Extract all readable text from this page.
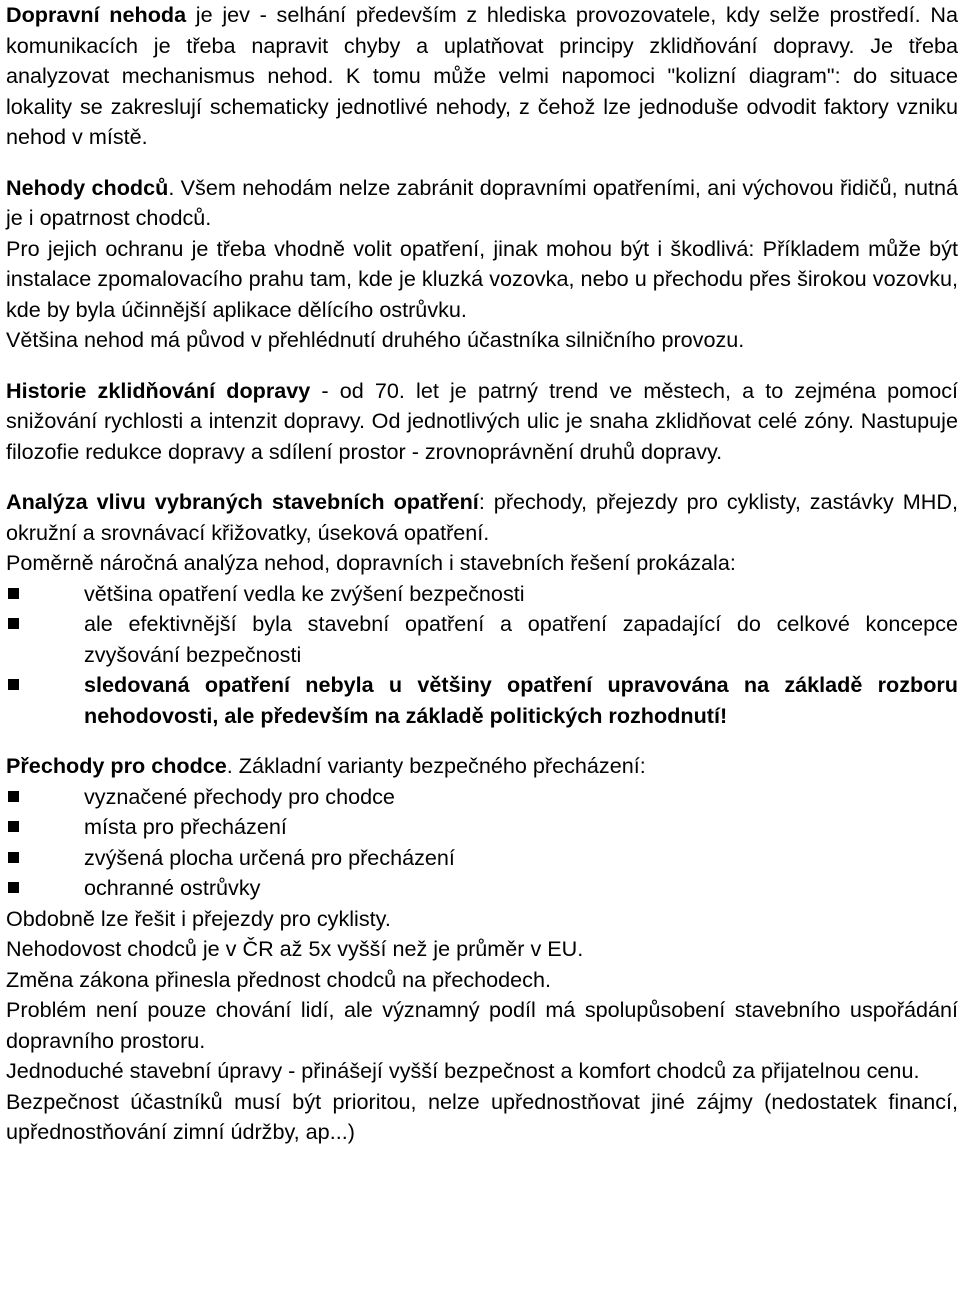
Dopravní nehoda je jev - selhání především z hlediska provozovatele, kdy selže prostředí. Na komunikacích je třeba napravit chyby a uplatňovat principy zklidňování dopravy. Je třeba analyzovat mechanismus nehod. K tomu může velmi napomoci "kolizní diagram": do situace lokality se zakreslují schematicky jednotlivé nehody, z čehož lze jednoduše odvodit faktory vzniku nehod v místě.

Nehody chodců. Všem nehodám nelze zabránit dopravními opatřeními, ani výchovou řidičů, nutná je i opatrnost chodců.

Pro jejich ochranu je třeba vhodně volit opatření, jinak mohou být i škodlivá: Příkladem může být instalace zpomalovacího prahu tam, kde je kluzká vozovka, nebo u přechodu přes širokou vozovku, kde by byla účinnější aplikace dělícího ostrůvku.

Většina nehod má původ v přehlédnutí druhého účastníka silničního provozu.

Historie zklidňování dopravy - od 70. let je patrný trend ve městech, a to zejména pomocí snižování rychlosti a intenzit dopravy. Od jednotlivých ulic je snaha zklidňovat celé zóny. Nastupuje filozofie redukce dopravy a sdílení prostor - zrovnoprávnění druhů dopravy.

Analýza vlivu vybraných stavebních opatření: přechody, přejezdy pro cyklisty, zastávky MHD, okružní a srovnávací křižovatky, úseková opatření.

Poměrně náročná analýza nehod, dopravních i stavebních řešení prokázala:

většina opatření vedla ke zvýšení bezpečnosti
ale efektivnější byla stavební opatření a opatření zapadající do celkové koncepce zvyšování bezpečnosti
sledovaná opatření nebyla u většiny opatření upravována na základě rozboru nehodovosti, ale především na základě politických rozhodnutí!

Přechody pro chodce. Základní varianty bezpečného přecházení:

vyznačené přechody pro chodce
místa pro přecházení
zvýšená plocha určená pro přecházení
ochranné ostrůvky

Obdobně lze řešit i přejezdy pro cyklisty.

Nehodovost chodců je v ČR až 5x vyšší než je průměr v EU.

Změna zákona přinesla přednost chodců na přechodech.

Problém není pouze chování lidí, ale významný podíl má spolupůsobení stavebního uspořádání dopravního prostoru.

Jednoduché stavební úpravy - přinášejí vyšší bezpečnost a komfort chodců za přijatelnou cenu.

Bezpečnost účastníků musí být prioritou, nelze upřednostňovat jiné zájmy (nedostatek financí, upřednostňování zimní údržby, ap...)
